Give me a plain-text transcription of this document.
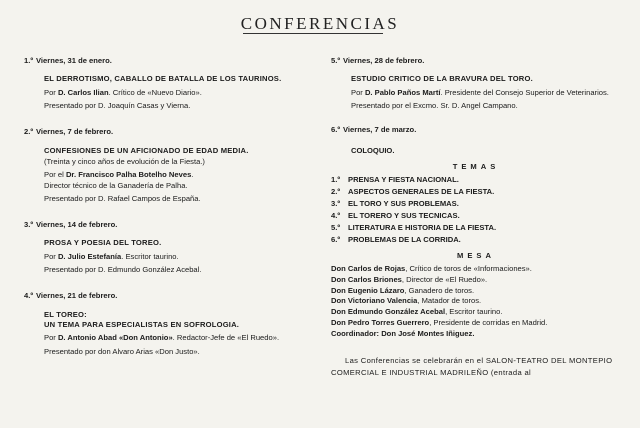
CONFERENCIAS
1.º Viernes, 31 de enero.
EL DERROTISMO, CABALLO DE BATALLA DE LOS TAURINOS.
Por D. Carlos Ilian. Crítico de «Nuevo Diario».
Presentado por D. Joaquín Casas y Vierna.
2.º Viernes, 7 de febrero.
CONFESIONES DE UN AFICIONADO DE EDAD MEDIA.
(Treinta y cinco años de evolución de la Fiesta.)
Por el Dr. Francisco Palha Botelho Neves.
Director técnico de la Ganadería de Palha.
Presentado por D. Rafael Campos de España.
3.º Viernes, 14 de febrero.
PROSA Y POESIA DEL TOREO.
Por D. Julio Estefanía. Escritor taurino.
Presentado por D. Edmundo González Acebal.
4.º Viernes, 21 de febrero.
EL TOREO:
UN TEMA PARA ESPECIALISTAS EN SOFROLOGIA.
Por D. Antonio Abad «Don Antonio». Redactor-Jefe de «El Ruedo».
Presentado por don Alvaro Arias «Don Justo».
5.º Viernes, 28 de febrero.
ESTUDIO CRITICO DE LA BRAVURA DEL TORO.
Por D. Pablo Paños Martí. Presidente del Consejo Superior de Veterinarios.
Presentado por el Excmo. Sr. D. Angel Campano.
6.º Viernes, 7 de marzo.
COLOQUIO.
TEMAS
1.º	PRENSA Y FIESTA NACIONAL.
2.º	ASPECTOS GENERALES DE LA FIESTA.
3.º	EL TORO Y SUS PROBLEMAS.
4.º	EL TORERO Y SUS TECNICAS.
5.º	LITERATURA E HISTORIA DE LA FIESTA.
6.º	PROBLEMAS DE LA CORRIDA.
MESA
Don Carlos de Rojas, Crítico de toros de «Informaciones».
Don Carlos Briones, Director de «El Ruedo».
Don Eugenio Lázaro, Ganadero de toros.
Don Victoriano Valencia, Matador de toros.
Don Edmundo González Acebal, Escritor taurino.
Don Pedro Torres Guerrero, Presidente de corridas en Madrid.
Coordinador: Don José Montes Iñiguez.
Las Conferencias se celebrarán en el SALON-TEATRO DEL MONTEPIO COMERCIAL E INDUSTRIAL MADRILEÑO (entrada al
